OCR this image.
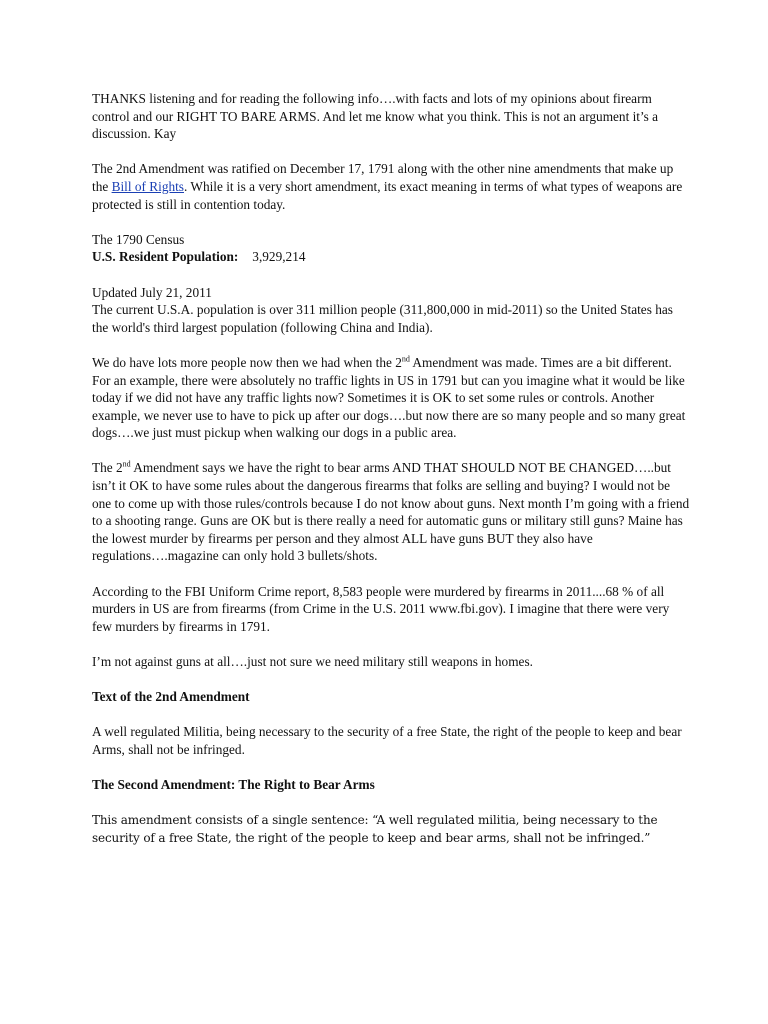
THANKS listening and for reading the following info….with facts and lots of my opinions about firearm control and our RIGHT TO BARE ARMS. And let me know what you think. This is not an argument it’s a discussion. Kay

The 2nd Amendment was ratified on December 17, 1791 along with the other nine amendments that make up the Bill of Rights. While it is a very short amendment, its exact meaning in terms of what types of weapons are protected is still in contention today.

The 1790 Census

U.S. Resident Population: 3,929,214

Updated July 21, 2011

The current U.S.A. population is over 311 million people (311,800,000 in mid-2011) so the United States has the world's third largest population (following China and India).

We do have lots more people now then we had when the 2nd Amendment was made. Times are a bit different. For an example, there were absolutely no traffic lights in US in 1791 but can you imagine what it would be like today if we did not have any traffic lights now? Sometimes it is OK to set some rules or controls. Another example, we never use to have to pick up after our dogs….but now there are so many people and so many great dogs….we just must pickup when walking our dogs in a public area.

The 2nd Amendment says we have the right to bear arms AND THAT SHOULD NOT BE CHANGED…..but isn’t it OK to have some rules about the dangerous firearms that folks are selling and buying? I would not be one to come up with those rules/controls because I do not know about guns. Next month I’m going with a friend to a shooting range. Guns are OK but is there really a need for automatic guns or military still guns? Maine has the lowest murder by firearms per person and they almost ALL have guns BUT they also have regulations….magazine can only hold 3 bullets/shots.

According to the FBI Uniform Crime report, 8,583 people were murdered by firearms in 2011....68 % of all murders in US are from firearms (from Crime in the U.S. 2011 www.fbi.gov). I imagine that there were very few murders by firearms in 1791.

I’m not against guns at all….just not sure we need military still weapons in homes.

Text of the 2nd Amendment

A well regulated Militia, being necessary to the security of a free State, the right of the people to keep and bear Arms, shall not be infringed.

The Second Amendment: The Right to Bear Arms

This amendment consists of a single sentence: “A well regulated militia, being necessary to the security of a free State, the right of the people to keep and bear arms, shall not be infringed.”
